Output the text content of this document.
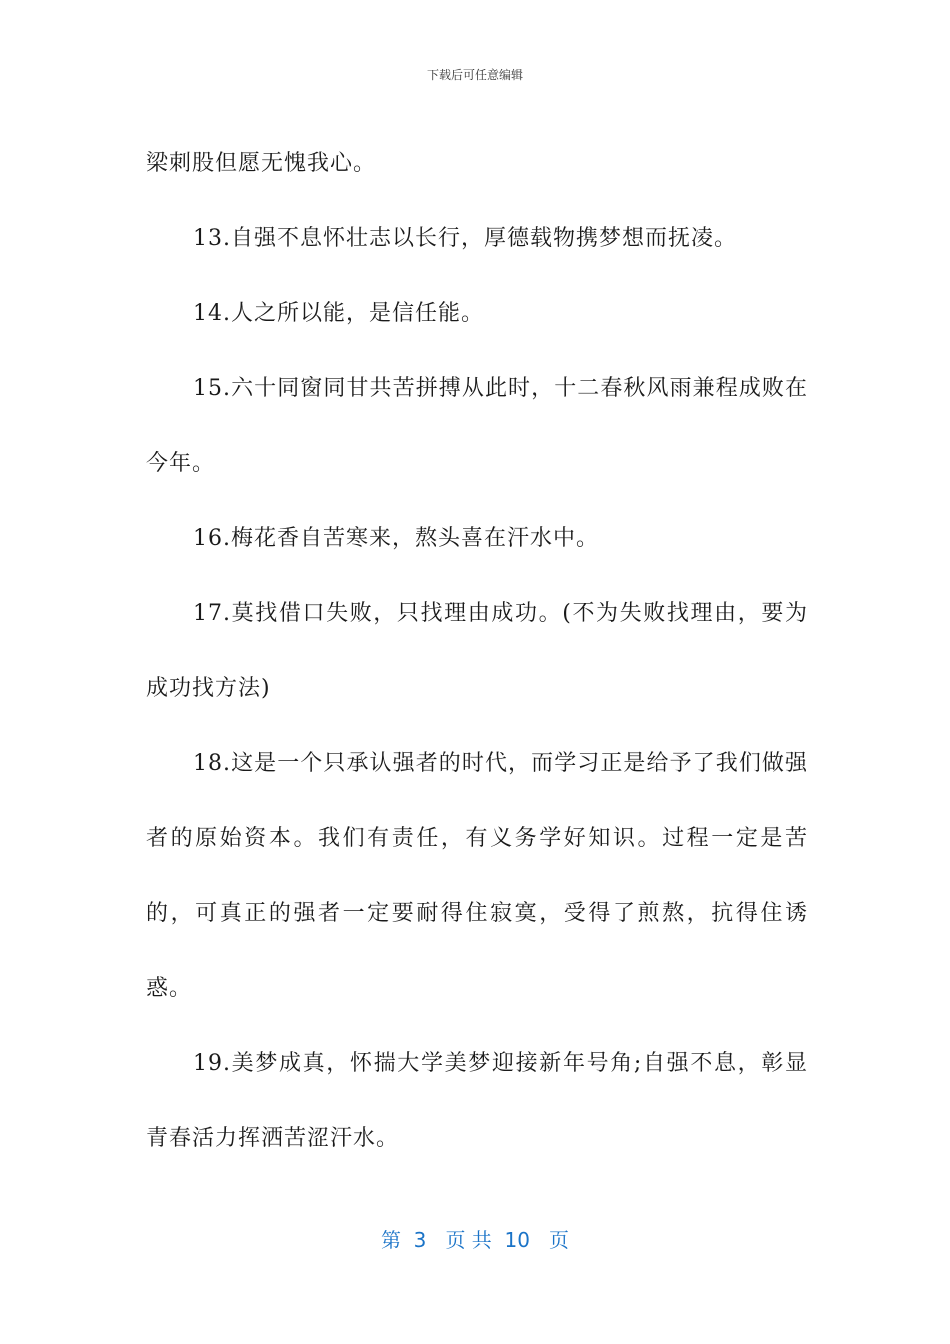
下载后可任意编辑

梁刺股但愿无愧我心。

13.自强不息怀壮志以长行，厚德载物携梦想而抚凌。

14.人之所以能，是信任能。

15.六十同窗同甘共苦拼搏从此时，十二春秋风雨兼程成败在今年。

16.梅花香自苦寒来，熬头喜在汗水中。

17.莫找借口失败，只找理由成功。(不为失败找理由，要为成功找方法)

18.这是一个只承认强者的时代，而学习正是给予了我们做强者的原始资本。我们有责任，有义务学好知识。过程一定是苦的，可真正的强者一定要耐得住寂寞，受得了煎熬，抗得住诱惑。

19.美梦成真，怀揣大学美梦迎接新年号角;自强不息，彰显青春活力挥洒苦涩汗水。

第  3   页 共  10   页
